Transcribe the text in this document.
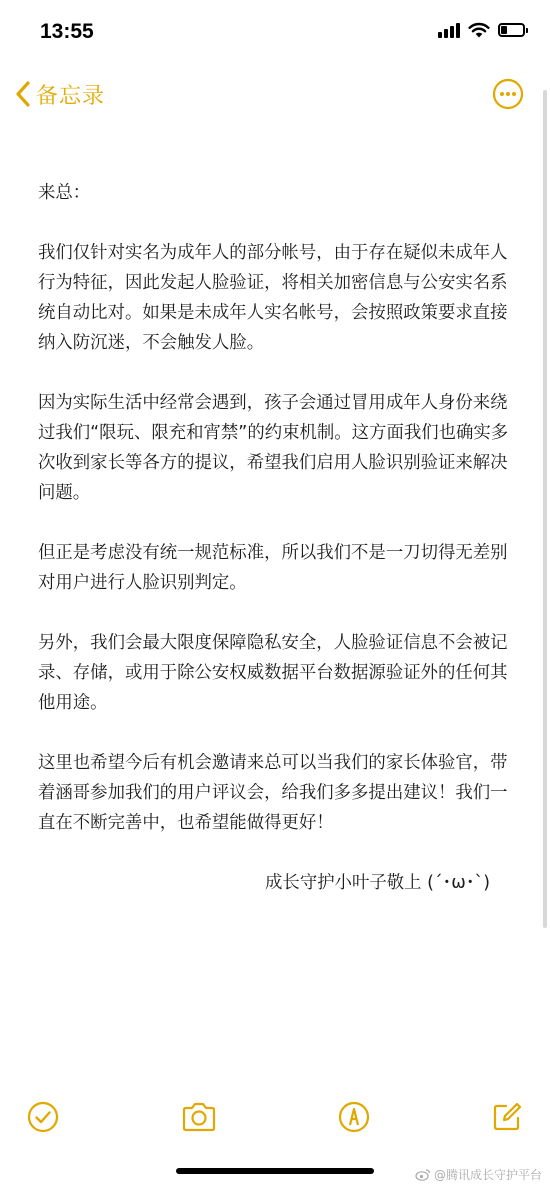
13:55
备忘录

来总：

我们仅针对实名为成年人的部分帐号，由于存在疑似未成年人行为特征，因此发起人脸验证，将相关加密信息与公安实名系统自动比对。如果是未成年人实名帐号，会按照政策要求直接纳入防沉迷，不会触发人脸。

因为实际生活中经常会遇到，孩子会通过冒用成年人身份来绕过我们“限玩、限充和宵禁”的约束机制。这方面我们也确实多次收到家长等各方的提议，希望我们启用人脸识别验证来解决问题。

但正是考虑没有统一规范标准，所以我们不是一刀切得无差别对用户进行人脸识别判定。

另外，我们会最大限度保障隐私安全，人脸验证信息不会被记录、存储，或用于除公安权威数据平台数据源验证外的任何其他用途。

这里也希望今后有机会邀请来总可以当我们的家长体验官，带着涵哥参加我们的用户评议会，给我们多多提出建议！我们一直在不断完善中，也希望能做得更好！

成长守护小叶子敬上 (´･ω･`)

@腾讯成长守护平台
